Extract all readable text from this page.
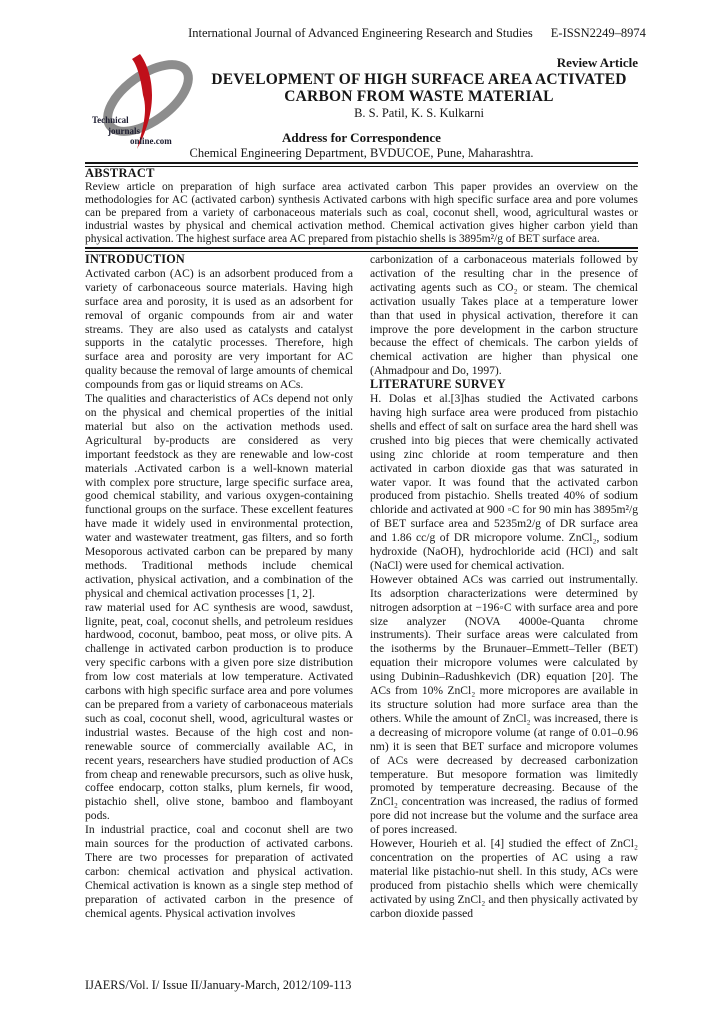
International Journal of Advanced Engineering Research and Studies E-ISSN2249–8974
Technical
journals
online.com
Review Article
DEVELOPMENT OF HIGH SURFACE AREA ACTIVATED
CARBON FROM WASTE MATERIAL
B. S. Patil, K. S. Kulkarni
Address for Correspondence
Chemical Engineering Department, BVDUCOE, Pune, Maharashtra.
ABSTRACT

Review article on preparation of high surface area activated carbon This paper provides an overview on the methodologies for AC (activated carbon) synthesis Activated carbons with high specific surface area and pore volumes can be prepared from a variety of carbonaceous materials such as coal, coconut shell, wood, agricultural wastes or industrial wastes by physical and chemical activation method. Chemical activation gives higher carbon yield than physical activation. The highest surface area AC prepared from pistachio shells is 3895m²/g of BET surface area.

INTRODUCTION

Activated carbon (AC) is an adsorbent produced from a variety of carbonaceous source materials. Having high surface area and porosity, it is used as an adsorbent for removal of organic compounds from air and water streams. They are also used as catalysts and catalyst supports in the catalytic processes. Therefore, high surface area and porosity are very important for AC quality because the removal of large amounts of chemical compounds from gas or liquid streams on ACs.

The qualities and characteristics of ACs depend not only on the physical and chemical properties of the initial material but also on the activation methods used. Agricultural by-products are considered as very important feedstock as they are renewable and low-cost materials .Activated carbon is a well-known material with complex pore structure, large specific surface area, good chemical stability, and various oxygen-containing functional groups on the surface. These excellent features have made it widely used in environmental protection, water and wastewater treatment, gas filters, and so forth Mesoporous activated carbon can be prepared by many methods. Traditional methods include chemical activation, physical activation, and a combination of the physical and chemical activation processes [1, 2].

raw material used for AC synthesis are wood, sawdust, lignite, peat, coal, coconut shells, and petroleum residues hardwood, coconut, bamboo, peat moss, or olive pits. A challenge in activated carbon production is to produce very specific carbons with a given pore size distribution from low cost materials at low temperature. Activated carbons with high specific surface area and pore volumes can be prepared from a variety of carbonaceous materials such as coal, coconut shell, wood, agricultural wastes or industrial wastes. Because of the high cost and non-renewable source of commercially available AC, in recent years, researchers have studied production of ACs from cheap and renewable precursors, such as olive husk, coffee endocarp, cotton stalks, plum kernels, fir wood, pistachio shell, olive stone, bamboo and flamboyant pods.

In industrial practice, coal and coconut shell are two main sources for the production of activated carbons. There are two processes for preparation of activated carbon: chemical activation and physical activation. Chemical activation is known as a single step method of preparation of activated carbon in the presence of chemical agents. Physical activation involves

carbonization of a carbonaceous materials followed by activation of the resulting char in the presence of activating agents such as CO₂ or steam. The chemical activation usually Takes place at a temperature lower than that used in physical activation, therefore it can improve the pore development in the carbon structure because the effect of chemicals. The carbon yields of chemical activation are higher than physical one (Ahmadpour and Do, 1997).

LITERATURE SURVEY

H. Dolas et al.[3]has studied the Activated carbons having high surface area were produced from pistachio shells and effect of salt on surface area the hard shell was crushed into big pieces that were chemically activated using zinc chloride at room temperature and then activated in carbon dioxide gas that was saturated in water vapor. It was found that the activated carbon produced from pistachio. Shells treated 40% of sodium chloride and activated at 900 ◦C for 90 min has 3895m²/g of BET surface area and 5235m2/g of DR surface area and 1.86 cc/g of DR micropore volume. ZnCl₂, sodium hydroxide (NaOH), hydrochloride acid (HCl) and salt (NaCl) were used for chemical activation.

However obtained ACs was carried out instrumentally. Its adsorption characterizations were determined by nitrogen adsorption at −196◦C with surface area and pore size analyzer (NOVA 4000e-Quanta chrome instruments). Their surface areas were calculated from the isotherms by the Brunauer–Emmett–Teller (BET) equation their micropore volumes were calculated by using Dubinin–Radushkevich (DR) equation [20]. The ACs from 10% ZnCl₂ more micropores are available in its structure solution had more surface area than the others. While the amount of ZnCl₂ was increased, there is a decreasing of micropore volume (at range of 0.01–0.96 nm) it is seen that BET surface and micropore volumes of ACs were decreased by decreased carbonization temperature. But mesopore formation was limitedly promoted by temperature decreasing. Because of the ZnCl₂ concentration was increased, the radius of formed pore did not increase but the volume and the surface area of pores increased.

However, Hourieh et al. [4] studied the effect of ZnCl₂ concentration on the properties of AC using a raw material like pistachio-nut shell. In this study, ACs were produced from pistachio shells which were chemically activated by using ZnCl₂ and then physically activated by carbon dioxide passed

IJAERS/Vol. I/ Issue II/January-March, 2012/109-113
